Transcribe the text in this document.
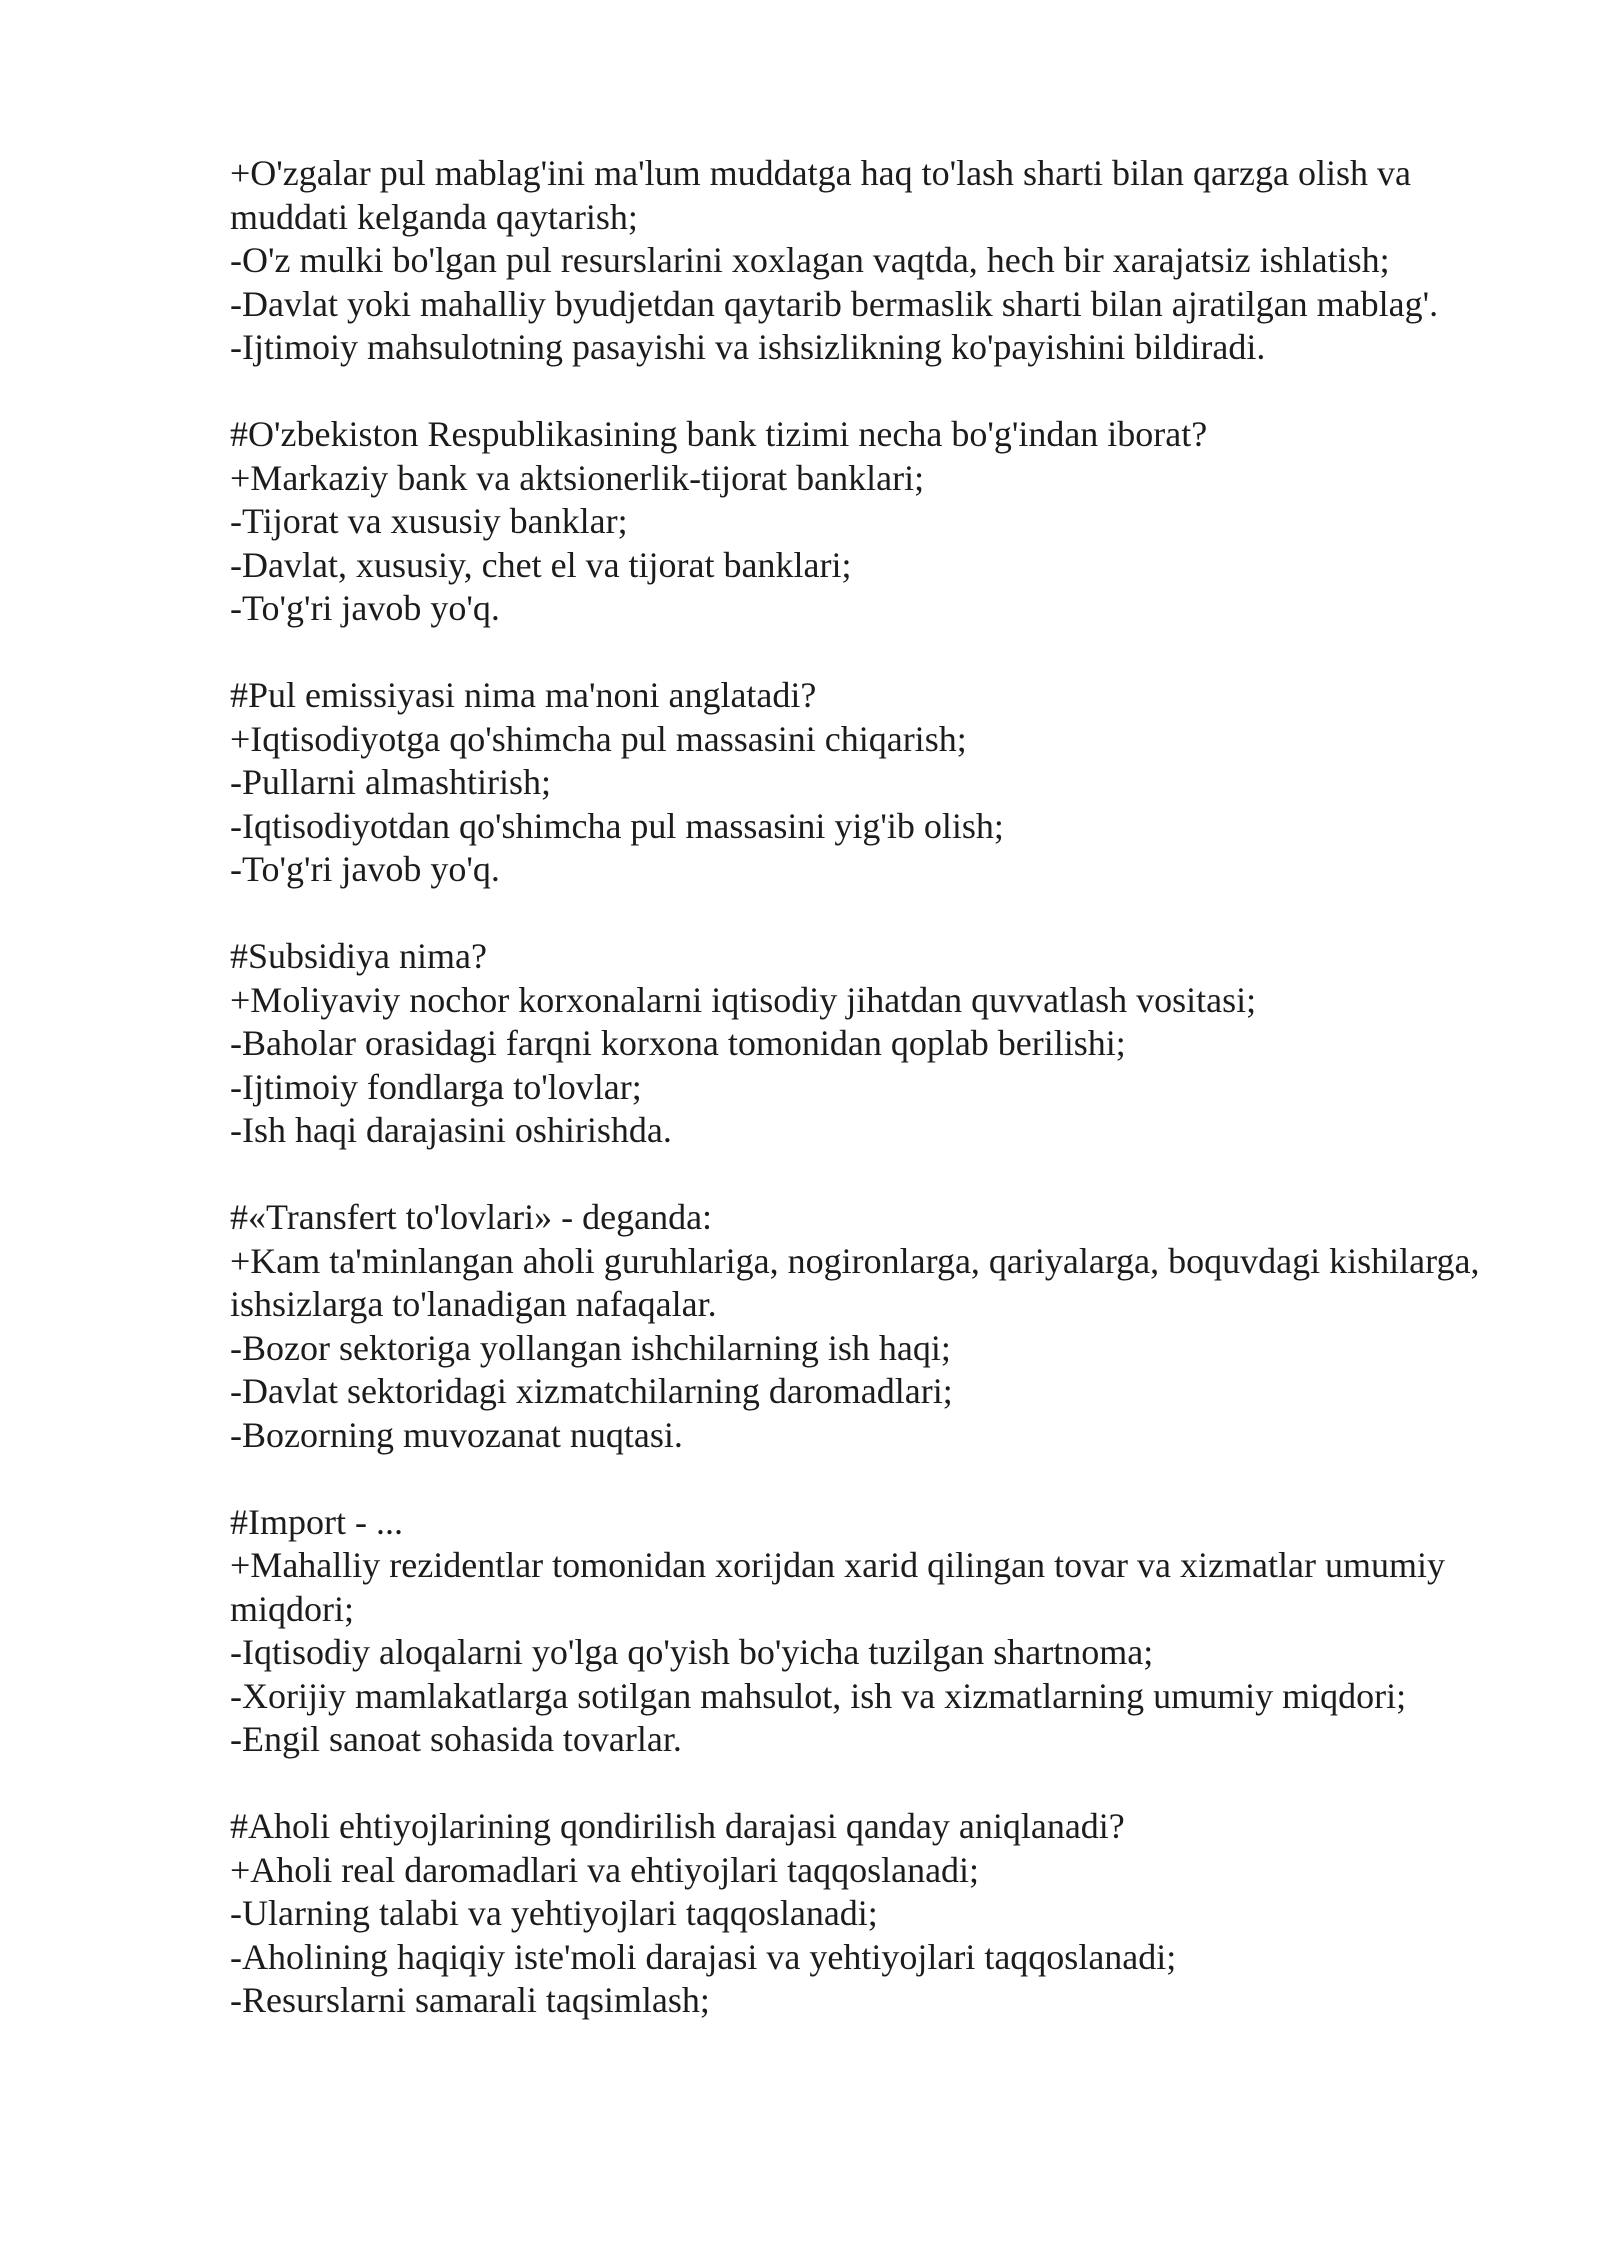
+O'zgalar pul mablag'ini ma'lum muddatga haq to'lash sharti bilan qarzga olish va muddati kelganda qaytarish;
-O'z mulki bo'lgan pul resurslarini xoxlagan vaqtda, hech bir xarajatsiz ishlatish;
-Davlat yoki mahalliy byudjetdan qaytarib bermaslik sharti bilan ajratilgan mablag'.
-Ijtimoiy mahsulotning pasayishi va ishsizlikning ko'payishini bildiradi.
#O'zbekiston Respublikasining bank tizimi necha bo'g'indan iborat?
+Markaziy bank va aktsionerlik-tijorat banklari;
-Tijorat va xususiy banklar;
-Davlat, xususiy, chet el va tijorat banklari;
-To'g'ri javob yo'q.
#Pul emissiyasi nima ma'noni anglatadi?
+Iqtisodiyotga qo'shimcha pul massasini chiqarish;
-Pullarni almashtirish;
-Iqtisodiyotdan qo'shimcha pul massasini yig'ib olish;
-To'g'ri javob yo'q.
#Subsidiya nima?
+Moliyaviy nochor korxonalarni iqtisodiy jihatdan quvvatlash vositasi;
-Baholar orasidagi farqni korxona tomonidan qoplab berilishi;
-Ijtimoiy fondlarga to'lovlar;
-Ish haqi darajasini oshirishda.
#«Transfert to'lovlari» - deganda:
+Kam ta'minlangan aholi guruhlariga, nogironlarga, qariyalarga, boquvdagi kishilarga, ishsizlarga to'lanadigan nafaqalar.
-Bozor sektoriga yollangan ishchilarning ish haqi;
-Davlat sektoridagi xizmatchilarning daromadlari;
-Bozorning muvozanat nuqtasi.
#Import - ...
+Mahalliy rezidentlar tomonidan xorijdan xarid qilingan tovar va xizmatlar umumiy miqdori;
-Iqtisodiy aloqalarni yo'lga qo'yish bo'yicha tuzilgan shartnoma;
-Xorijiy mamlakatlarga sotilgan mahsulot, ish va xizmatlarning umumiy miqdori;
-Engil sanoat sohasida tovarlar.
#Aholi ehtiyojlarining qondirilish darajasi qanday aniqlanadi?
+Aholi real daromadlari va ehtiyojlari taqqoslanadi;
-Ularning talabi va yehtiyojlari taqqoslanadi;
-Aholining haqiqiy iste'moli darajasi va yehtiyojlari taqqoslanadi;
-Resurslarni samarali taqsimlash;
